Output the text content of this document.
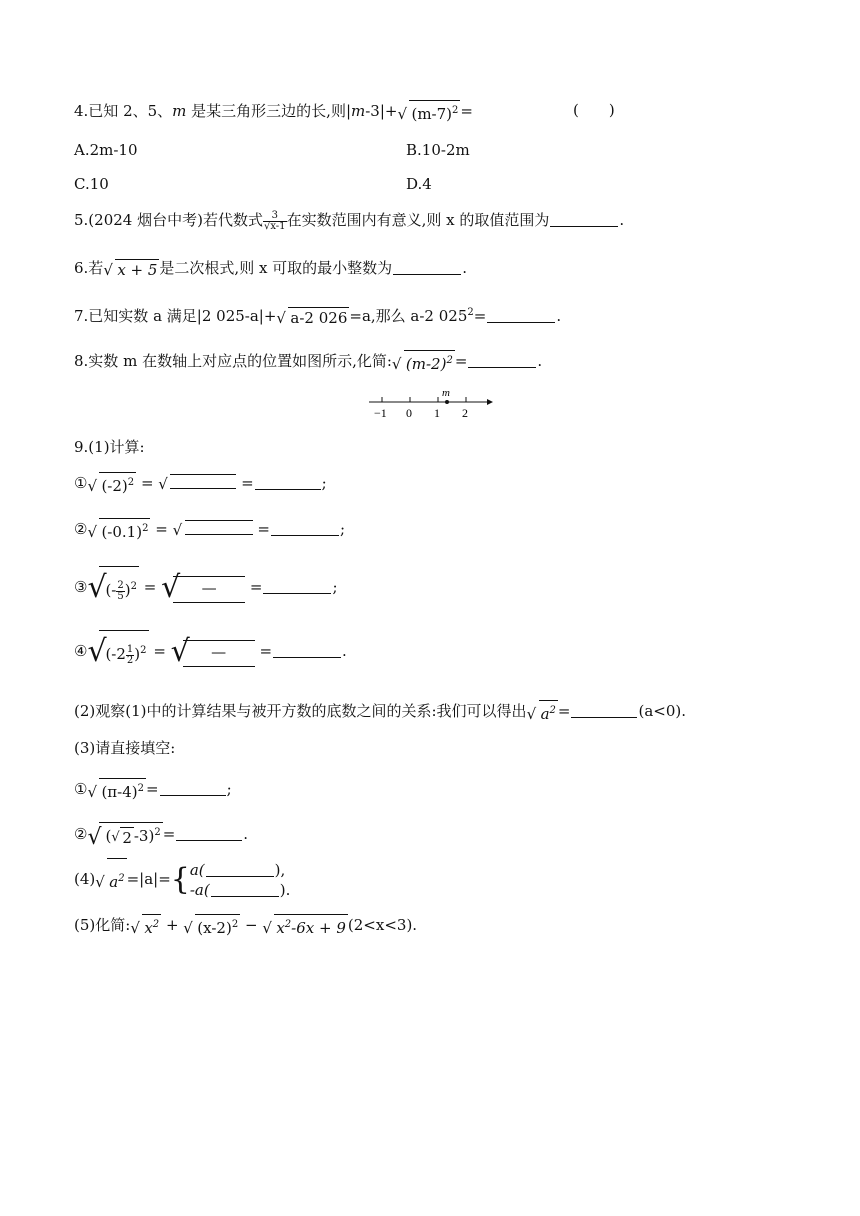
4.已知 2、5、m 是某三角形三边的长,则|m-3|+ √ $(m-7)^2$ =	(　　)
A.2m-10	B.10-2m
C.10	D.4
5.(2024 烟台中考)若代数式 $\frac{3}{√x-1}$ 在实数范围内有意义,则 x 的取值范围为	.
6.若 √ x + 5 是二次根式,则 x 可取的最小整数为	.
7.已知实数 a 满足|2 025-a|+ √ a-2 026 =a,那么 a-2 $025^2=$	.
8.实数 m 在数轴上对应点的位置如图所示,化简: √ $(m-2)^2$ =	.
m
−1 0 1 2
9.(1)计算:
① √ $(-2)^2$ = √	=	;
② √ $(-0.1)^2$ = √	=	;
③ √
(- $\frac{2}{5} )^2$ = √ — =	;
④ √
$(-2 \frac{1}{2} )^2$ = √ — =	.
(2)观察(1)中的计算结果与被开方数的底数之间的关系:我们可以得出 √ $a^2$ =	(a<0).
(3)请直接填空:
① √ $(\pi-4)^2$ =	;
② √ ( √ 2 -3)$^2$ =	.
(4) √ $a^2 =|a|=${ a(	),
-a(	).
(5)化简: √ $x^2$ + √ $(x-2)^2$ − √ $x^2-6x + 9$ (2<x<3).
